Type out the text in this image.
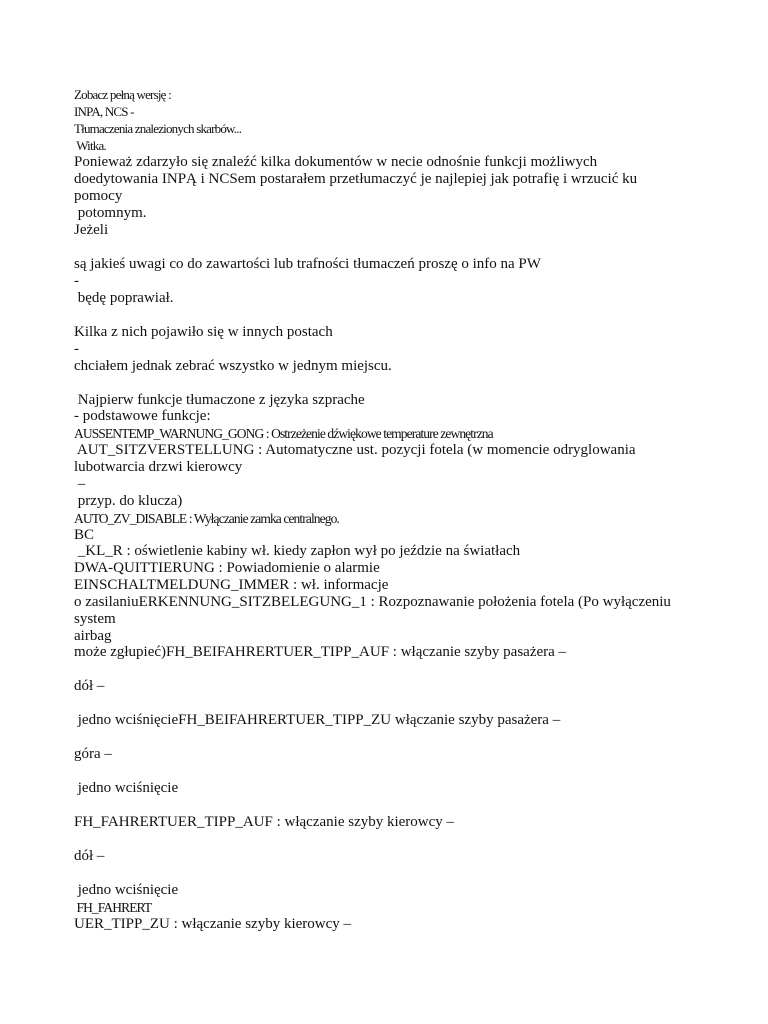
Zobacz pełną wersję :
INPA, NCS -
Tłumaczenia znalezionych skarbów...
Witka.
Ponieważ zdarzyło się znaleźć kilka dokumentów w necie odnośnie funkcji możliwych
doedytowania INPĄ i NCSem postarałem przetłumaczyć je najlepiej jak potrafię i wrzucić ku
pomocy
potomnym.
Jeżeli
są jakieś uwagi co do zawartości lub trafności tłumaczeń proszę o info na PW
-
będę poprawiał.
Kilka z nich pojawiło się w innych postach
-
chciałem jednak zebrać wszystko w jednym miejscu.
Najpierw funkcje tłumaczone z języka szprache
- podstawowe funkcje:
AUSSENTEMP_WARNUNG_GONG : Ostrzeżenie dźwiękowe temperature zewnętrzna
AUT_SITZVERSTELLUNG : Automatyczne ust. pozycji fotela (w momencie odryglowania
lubotwarcia drzwi kierowcy
–
przyp. do klucza)
AUTO_ZV_DISABLE : Wyłączanie zamka centralnego.
BC
_KL_R : oświetlenie kabiny wł. kiedy zapłon wył po jeździe na światłach
DWA-QUITTIERUNG : Powiadomienie o alarmie
EINSCHALTMELDUNG_IMMER : wł. informacje
o zasilaniuERKENNUNG_SITZBELEGUNG_1 : Rozpoznawanie położenia fotela (Po wyłączeniu
system
airbag
może zgłupieć)FH_BEIFAHRERTUER_TIPP_AUF : włączanie szyby pasażera –
dół –
jedno wciśnięcieFH_BEIFAHRERTUER_TIPP_ZU włączanie szyby pasażera –
góra –
jedno wciśnięcie
FH_FAHRERTUER_TIPP_AUF : włączanie szyby kierowcy –
dół –
jedno wciśnięcie
FH_FAHRERT
UER_TIPP_ZU : włączanie szyby kierowcy –
